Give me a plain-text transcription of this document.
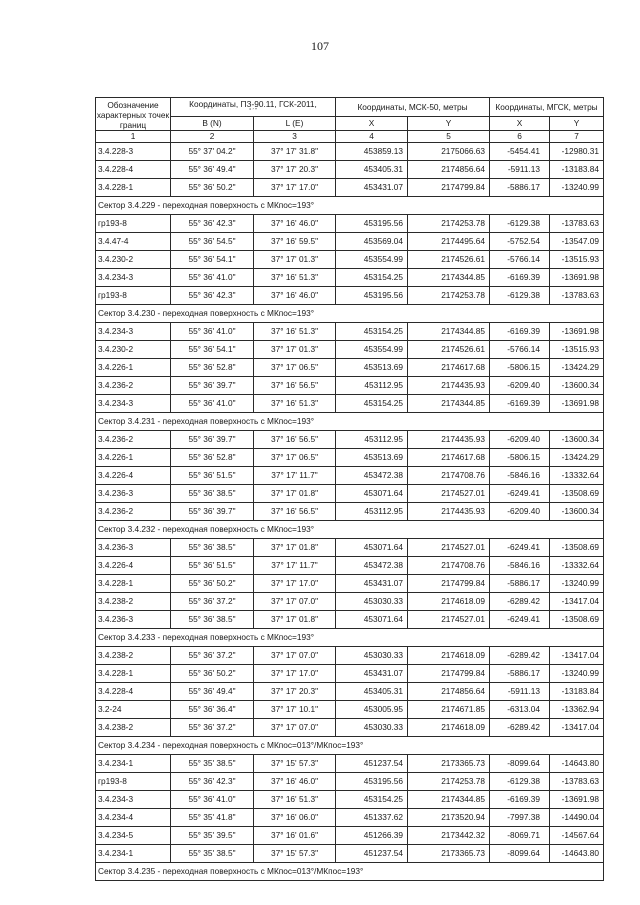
107
Обозначение характерных точек границ	Координаты, ПЗ-90.11, ГСК-2011,
° ′ ″		Координаты, МСК-50, метры		Координаты, МГСК, метры	
	B (N)	L (E)	X	Y	X	Y
1	2	3	4	5	6	7
3.4.228-3	55° 37' 04.2"	37° 17' 31.8"	453859.13	2175066.63	-5454.41	-12980.31
3.4.228-4	55° 36' 49.4"	37° 17' 20.3"	453405.31	2174856.64	-5911.13	-13183.84
3.4.228-1	55° 36' 50.2"	37° 17' 17.0"	453431.07	2174799.84	-5886.17	-13240.99
Сектор 3.4.229 - переходная поверхность с МКпос=193°						
гр193-8	55° 36' 42.3"	37° 16' 46.0"	453195.56	2174253.78	-6129.38	-13783.63
3.4.47-4	55° 36' 54.5"	37° 16' 59.5"	453569.04	2174495.64	-5752.54	-13547.09
3.4.230-2	55° 36' 54.1"	37° 17' 01.3"	453554.99	2174526.61	-5766.14	-13515.93
3.4.234-3	55° 36' 41.0"	37° 16' 51.3"	453154.25	2174344.85	-6169.39	-13691.98
гр193-8	55° 36' 42.3"	37° 16' 46.0"	453195.56	2174253.78	-6129.38	-13783.63
Сектор 3.4.230 - переходная поверхность с МКпос=193°						
3.4.234-3	55° 36' 41.0"	37° 16' 51.3"	453154.25	2174344.85	-6169.39	-13691.98
3.4.230-2	55° 36' 54.1"	37° 17' 01.3"	453554.99	2174526.61	-5766.14	-13515.93
3.4.226-1	55° 36' 52.8"	37° 17' 06.5"	453513.69	2174617.68	-5806.15	-13424.29
3.4.236-2	55° 36' 39.7"	37° 16' 56.5"	453112.95	2174435.93	-6209.40	-13600.34
3.4.234-3	55° 36' 41.0"	37° 16' 51.3"	453154.25	2174344.85	-6169.39	-13691.98
Сектор 3.4.231 - переходная поверхность с МКпос=193°						
3.4.236-2	55° 36' 39.7"	37° 16' 56.5"	453112.95	2174435.93	-6209.40	-13600.34
3.4.226-1	55° 36' 52.8"	37° 17' 06.5"	453513.69	2174617.68	-5806.15	-13424.29
3.4.226-4	55° 36' 51.5"	37° 17' 11.7"	453472.38	2174708.76	-5846.16	-13332.64
3.4.236-3	55° 36' 38.5"	37° 17' 01.8"	453071.64	2174527.01	-6249.41	-13508.69
3.4.236-2	55° 36' 39.7"	37° 16' 56.5"	453112.95	2174435.93	-6209.40	-13600.34
Сектор 3.4.232 - переходная поверхность с МКпос=193°						
3.4.236-3	55° 36' 38.5"	37° 17' 01.8"	453071.64	2174527.01	-6249.41	-13508.69
3.4.226-4	55° 36' 51.5"	37° 17' 11.7"	453472.38	2174708.76	-5846.16	-13332.64
3.4.228-1	55° 36' 50.2"	37° 17' 17.0"	453431.07	2174799.84	-5886.17	-13240.99
3.4.238-2	55° 36' 37.2"	37° 17' 07.0"	453030.33	2174618.09	-6289.42	-13417.04
3.4.236-3	55° 36' 38.5"	37° 17' 01.8"	453071.64	2174527.01	-6249.41	-13508.69
Сектор 3.4.233 - переходная поверхность с МКпос=193°						
3.4.238-2	55° 36' 37.2"	37° 17' 07.0"	453030.33	2174618.09	-6289.42	-13417.04
3.4.228-1	55° 36' 50.2"	37° 17' 17.0"	453431.07	2174799.84	-5886.17	-13240.99
3.4.228-4	55° 36' 49.4"	37° 17' 20.3"	453405.31	2174856.64	-5911.13	-13183.84
3.2-24	55° 36' 36.4"	37° 17' 10.1"	453005.95	2174671.85	-6313.04	-13362.94
3.4.238-2	55° 36' 37.2"	37° 17' 07.0"	453030.33	2174618.09	-6289.42	-13417.04
Сектор 3.4.234 - переходная поверхность с МКпос=013°/МКпос=193°						
3.4.234-1	55° 35' 38.5"	37° 15' 57.3"	451237.54	2173365.73	-8099.64	-14643.80
гр193-8	55° 36' 42.3"	37° 16' 46.0"	453195.56	2174253.78	-6129.38	-13783.63
3.4.234-3	55° 36' 41.0"	37° 16' 51.3"	453154.25	2174344.85	-6169.39	-13691.98
3.4.234-4	55° 35' 41.8"	37° 16' 06.0"	451337.62	2173520.94	-7997.38	-14490.04
3.4.234-5	55° 35' 39.5"	37° 16' 01.6"	451266.39	2173442.32	-8069.71	-14567.64
3.4.234-1	55° 35' 38.5"	37° 15' 57.3"	451237.54	2173365.73	-8099.64	-14643.80
Сектор 3.4.235 - переходная поверхность с МКпос=013°/МКпос=193°						
